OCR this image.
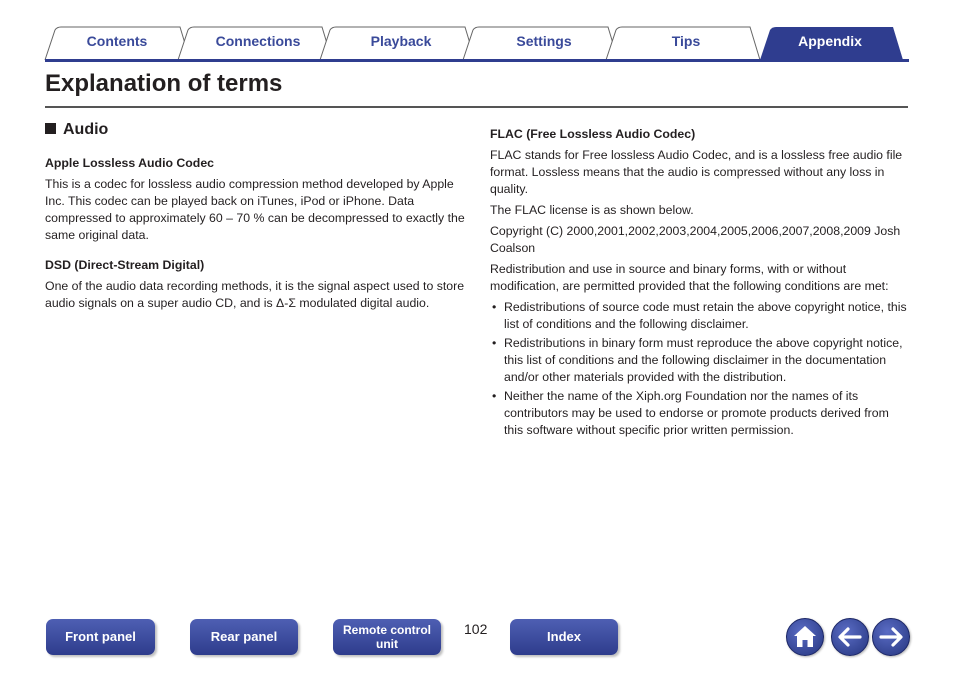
Contents	Connections	Playback	Settings	Tips	Appendix
Explanation of terms
Audio
Apple Lossless Audio Codec
This is a codec for lossless audio compression method developed by Apple Inc. This codec can be played back on iTunes, iPod or iPhone. Data compressed to approximately 60 – 70 % can be decompressed to exactly the same original data.
DSD (Direct-Stream Digital)
One of the audio data recording methods, it is the signal aspect used to store audio signals on a super audio CD, and is Δ-Σ modulated digital audio.
FLAC (Free Lossless Audio Codec)
FLAC stands for Free lossless Audio Codec, and is a lossless free audio file format. Lossless means that the audio is compressed without any loss in quality.
The FLAC license is as shown below.
Copyright (C) 2000,2001,2002,2003,2004,2005,2006,2007,2008,2009 Josh Coalson
Redistribution and use in source and binary forms, with or without modification, are permitted provided that the following conditions are met:
• Redistributions of source code must retain the above copyright notice, this list of conditions and the following disclaimer.
• Redistributions in binary form must reproduce the above copyright notice, this list of conditions and the following disclaimer in the documentation and/or other materials provided with the distribution.
• Neither the name of the Xiph.org Foundation nor the names of its contributors may be used to endorse or promote products derived from this software without specific prior written permission.
Front panel	Rear panel	Remote control
unit
102	Index
